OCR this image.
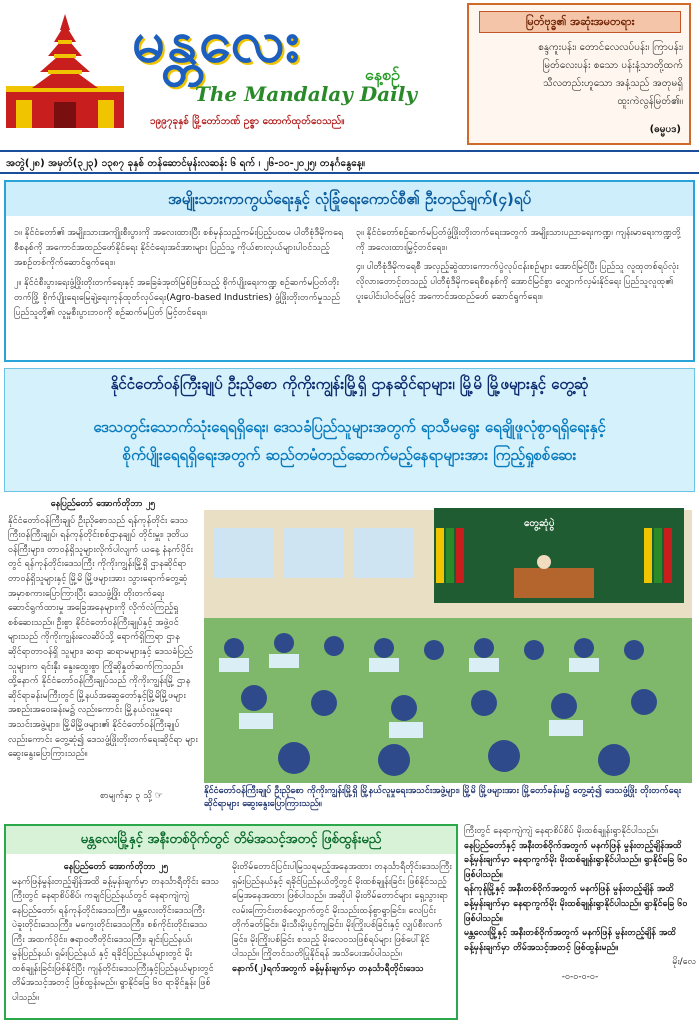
မန္တလေး	နေ့စဉ်
The Mandalay Daily
၁၉၉၇ခုနှစ် မြို့တော်ဘဏ် ဥစ္စာ ထောက်ထုတ်ဝေသည်။
မြတ်ဗုဒ္ဓ၏ အဆုံးအမတရား
စန္ဒကူးပန်း၊ တောင်လေလပ်ပန်း၊ ကြာပန်း၊
မြတ်လေးပန်း စသော ပန်းနံ့သာတို့ထက်
သီလတည်းဟူသော အနံ့သည် အတုမရှိ
ထူးကဲလွန်မြတ်၏။
(ဓမ္မပဒ)
အတွဲ(၂၈) အမှတ်(၃၂၃) ၁၃၈၇ ခုနှစ် တန်ဆောင်မုန်းလဆန်း ၆ ရက် ၊ ၂၆-၁၀-၂၀၂၅၊ တနင်္ဂနွေနေ့။
အမျိုးသားကာကွယ်ရေးနှင့် လုံခြုံရေးကောင်စီ၏ ဦးတည်ချက်(၄)ရပ်
၁။ နိုင်ငံတော်၏ အမျိုးသားအကျိုးစီးပွားကို အလေးထားပြီး စစ်မှန်သည့်ကမ်းပြည့်ပထမ ပါတီစုံဒီမိုကရေစီစနစ်ကို အကောင်အထည်ဖော်နိုင်ရေး နိုင်ငံရေးအင်အားများ ပြည်သူ့ ကိုယ်စားလှယ်များပါဝင်သည့် အစဉ်တစ်ကိုက်ဆောင်ရွက်ရေး။
၂။ နိုင်ငံစီးပွားရေးဖွံ့ဖြိုးတိုးတက်ရေးနှင့် အခြေခံအုတ်မြစ်ဖြစ်သည့် စိုက်ပျိုးရေးကဏ္ဍ စဉ်ဆက်မပြတ်တိုးတက်ဖြို့ စိုက်ပျိုးရေးမြေချဲ့ရေးကုန်ထုတ်လုပ်ရေး(Agro-based Industries) ဖွံ့ဖြိုးတိုးတက်မှုသည် ပြည်သူတို့၏ လူမှုစီးပွားဘဝကို စဉ်ဆက်မပြတ် မြင့်တင်ရေး။
၃။ နိုင်ငံတော်စဉ်ဆက်မပြတ်ဖွံ့ဖြိုးတိုးတက်ရေးအတွက် အမျိုးသားပညာရေးကဏ္ဍ၊ ကျန်းမာရေးကဏ္ဍတို့ကို အလေးထားမြှင့်တင်ရေး။
၄။ ပါတီစုံဒီမိုကရေစီ အလှည့်ဆွဲထားကောက်ပွဲလုပ်ငန်းစဉ်များ အောင်မြင်ပြီး ပြည်သူ လူထုတစ်ရပ်လုံး လိုလားတောင့်တသည့် ပါတီစုံဒီမိုကရေစီစနစ်ကို အောင်မြင်စွာ လျှောက်လှမ်းနိုင်ရေး ပြည်သူလူထု၏ ပူးပေါင်းပါဝင်မှုဖြင့် အကောင်အထည်ဖော် ဆောင်ရွက်ရေး။
နိုင်ငံတော်ဝန်ကြီးချုပ် ဦးညိုစော ကိုကိုးကျွန်းမြို့ရှိ ဌာနဆိုင်ရာများ၊ မြို့မိ မြို့ဖများနှင့် တွေ့ဆုံ
ဒေသတွင်းသောက်သုံးရေရရှိရေး၊ ဒေသခံပြည်သူများအတွက် ရာသီမရွေး ရေချိုဖူလုံစွာရရှိရေးနှင့်
စိုက်ပျိုးရေရရှိရေးအတွက် ဆည်တမံတည်ဆောက်မည့်နေရာများအား ကြည့်ရှုစစ်ဆေး
နေပြည်တော် အောက်တိုဘာ ၂၅
နိုင်ငံတော်ဝန်ကြီးချုပ် ဦးညိုစောသည် ရန်ကုန်တိုင်း ဒေသကြီးဝန်ကြီးချုပ်၊ ရန်ကုန်တိုင်းစစ်ဌာနချုပ် တိုင်းမှူး၊ ဒုတိယဝန်ကြီးများ၊ တာဝန်ရှိသူများလိုက်ပါလျက် ယနေ့ နံနက်ပိုင်းတွင် ရန်ကုန်တိုင်းဒေသကြီး ကိုကိုးကျွန်းမြို့ရှိ ဌာနဆိုင်ရာ တာဝန်ရှိသူများနှင့် မြို့မိ မြို့ဖများအား သွားရောက်တွေ့ဆုံအမှာစကားပြောကြားပြီး ဒေသဖွံ့ဖြိုး တိုးတက်ရေးဆောင်ရွက်ထားမှု အခြေအနေများကို လိုက်လံကြည့်ရှုစစ်ဆေးသည်။ ဦးစွာ နိုင်ငံတော်ဝန်ကြီးချုပ်နှင့် အဖွဲ့ဝင်များသည် ကိုကိုးကျွန်းလေဆိပ်သို့ ရောက်ရှိကြရာ ဌာနဆိုင်ရာတာဝန်ရှိ သူများ၊ ဆရာ ဆရာမများနှင့် ဒေသခံပြည်သူများက ရင်းနှီး နွေးထွေးစွာ ကြိုဆိုနှုတ်ဆက်ကြသည်။ ထို့နောက် နိုင်ငံတော်ဝန်ကြီးချုပ်သည် ကိုကိုးကျွန်းမြို့ ဌာနဆိုင်ရာခန်းမကြီးတွင် မြို့နယ်အဆွေတော်နှင့်မြို့မိမြို့ဖများ အစည်းအဝေးခန်းမ၌ လည်းကောင်း မြို့နယ်လူမှုရေး အသင်းအဖွဲ့များ၊ မြို့မိမြို့ဖများ၏ နိုင်ငံတော်ဝန်ကြီးချုပ် လည်းကောင်း တွေ့ဆုံ၍ ဒေသဖွံ့ဖြိုးတိုးတက်ရေးဆိုင်ရာ များ ဆွေးနွေးပြောကြားသည်။
စာမျက်နှာ ၃ သို့ ☞
တွေ့ဆုံပွဲ
နိုင်ငံတော်ဝန်ကြီးချုပ် ဦးညိုစော ကိုကိုးကျွန်းမြို့ရှိ မြို့နယ်လူမှုရေးအသင်းအဖွဲ့များ၊ မြို့မိ မြို့ဖများအား မြို့တော်ခန်းမ၌ တွေ့ဆုံ၍ ဒေသဖွံ့ဖြိုး တိုးတက်ရေးဆိုင်ရာများ ဆွေးနွေးပြောကြားသည်။
မန္တလေးမြို့နှင့် အနီးတစ်ဝိုက်တွင် တိမ်အသင့်အတင့် ဖြစ်ထွန်းမည်
နေပြည်တော် အောက်တိုဘာ ၂၅
မနက်ဖြန်မွန်းတည့်ချိန်အထိ ခန့်မှန်းချက်မှာ တနင်္သာရီတိုင်း ဒေသကြီးတွင် နေရာစိပ်စိပ်၊ ကချင်ပြည်နယ်တွင် နေရာကျဲကျဲ နေပြည်တော်၊ ရန်ကုန်တိုင်းဒေသကြီး၊ မန္တလေးတိုင်းဒေသကြီး ပဲခူးတိုင်းဒေသကြီး၊ မကွေးတိုင်းဒေသကြီး၊ စစ်ကိုင်းတိုင်းဒေသကြီး အထက်ပိုင်း၊ ဧရာဝတီတိုင်းဒေသကြီး၊ ချင်းပြည်နယ်၊ မွန်ပြည်နယ်၊ ရှမ်းပြည်နယ် နှင့် ရခိုင်ပြည်နယ်များတွင် မိုးထစ်ချုန်းခြင်းဖြစ်နိုင်ပြီး ကျန်တိုင်းဒေသကြီးနှင့်ပြည်နယ်များတွင် တိမ်အသင့်အတင့် ဖြစ်ထွန်းမည်။ ရွာနိုင်ခြေ ၆၀ ရာခိုင်နှုန်း ဖြစ်ပါသည်။
မိုးတိမ်တောင်ပြင်းပါမြသရမည့်အနေအထား တနင်္သာရီတိုင်းဒေသကြီး ရှမ်းပြည်နယ်နှင့် ရခိုင်ပြည်နယ်တို့တွင် မိုးထစ်ချုန်းခြင်း ဖြစ်နိုင်သည့် မြေအနေအထား ဖြစ်ပါသည်။ အဆိုပါ မိုးတိမ်တောင်များ ရှေ့သွားရာလမ်းကြောင်းတစ်လျှောက်တွင် မိုးသည်းထန်စွာရွာခြင်း၊ လေပြင်းတိုက်ခတ်ခြင်း၊ မိုးသီးမိုးပွင့်ကျခြင်း၊ မိုးကြိုးပစ်ခြင်းနှင့် လျှပ်စီးလက်ခြင်း၊ မိုးကြိုးပစ်ခြင်း စသည့် မိုးလေဝသဖြစ်ရပ်များ ဖြစ်ပေါ်နိုင်ပါသည်။ ကြိုတင်သတိပြုနိုင်ရန် အသိပေးအပ်ပါသည်။
နောက်(၂)ရက်အတွက် ခန့်မှန်းချက်မှာ တနင်္သာရီတိုင်းဒေသ
ကြီးတွင် နေရာကျဲကျဲ နေရာစိပ်စိပ် မိုးထစ်ချုန်းရွာနိုင်ပါသည်။
နေပြည်တော်နှင့် အနီးတစ်ဝိုက်အတွက် မနက်ဖြန် မွန်းတည့်ချိန်အထိ ခန့်မှန်းချက်မှာ နေရာကွက်မိုး မိုးထစ်ချုန်းရွာနိုင်ပါသည်။ ရွာနိုင်ခြေ ၆၀ ဖြစ်ပါသည်။
ရန်ကုန်မြို့နှင့် အနီးတစ်ဝိုက်အတွက် မနက်ဖြန် မွန်းတည့်ချိန် အထိ ခန့်မှန်းချက်မှာ နေရာကွက်မိုး မိုးထစ်ချုန်းရွာနိုင်ပါသည်။ ရွာနိုင်ခြေ ၆၀ ဖြစ်ပါသည်။
မန္တလေးမြို့နှင့် အနီးတစ်ဝိုက်အတွက် မနက်ဖြန် မွန်းတည့်ချိန် အထိ ခန့်မှန်းချက်မှာ တိမ်အသင့်အတင့် ဖြစ်ထွန်းမည်။
မိုး/လေ
-၀-၀-၀-၀-
